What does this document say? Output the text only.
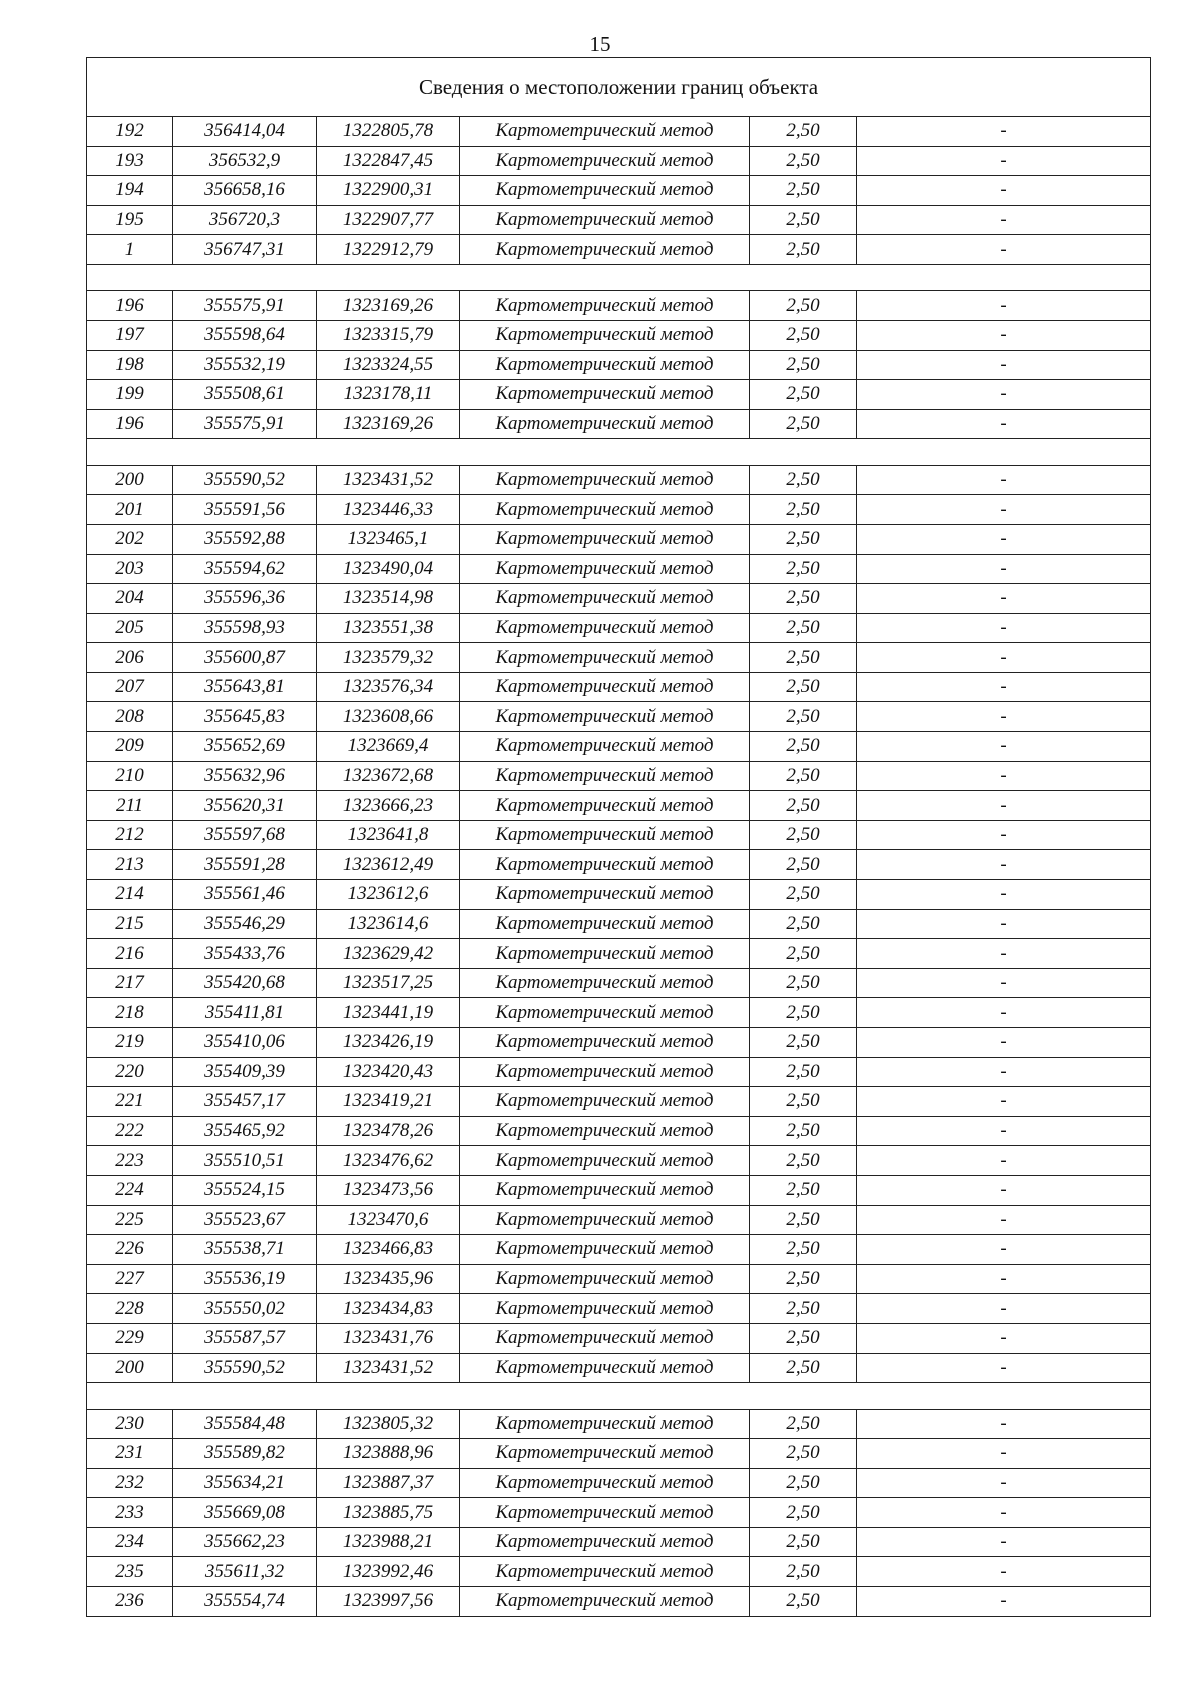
15
Сведения о местоположении границ объекта					
192	356414,04	1322805,78	Картометрический метод	2,50	-
193	356532,9	1322847,45	Картометрический метод	2,50	-
194	356658,16	1322900,31	Картометрический метод	2,50	-
195	356720,3	1322907,77	Картометрический метод	2,50	-
1	356747,31	1322912,79	Картометрический метод	2,50	-

196	355575,91	1323169,26	Картометрический метод	2,50	-
197	355598,64	1323315,79	Картометрический метод	2,50	-
198	355532,19	1323324,55	Картометрический метод	2,50	-
199	355508,61	1323178,11	Картометрический метод	2,50	-
196	355575,91	1323169,26	Картометрический метод	2,50	-

200	355590,52	1323431,52	Картометрический метод	2,50	-
201	355591,56	1323446,33	Картометрический метод	2,50	-
202	355592,88	1323465,1	Картометрический метод	2,50	-
203	355594,62	1323490,04	Картометрический метод	2,50	-
204	355596,36	1323514,98	Картометрический метод	2,50	-
205	355598,93	1323551,38	Картометрический метод	2,50	-
206	355600,87	1323579,32	Картометрический метод	2,50	-
207	355643,81	1323576,34	Картометрический метод	2,50	-
208	355645,83	1323608,66	Картометрический метод	2,50	-
209	355652,69	1323669,4	Картометрический метод	2,50	-
210	355632,96	1323672,68	Картометрический метод	2,50	-
211	355620,31	1323666,23	Картометрический метод	2,50	-
212	355597,68	1323641,8	Картометрический метод	2,50	-
213	355591,28	1323612,49	Картометрический метод	2,50	-
214	355561,46	1323612,6	Картометрический метод	2,50	-
215	355546,29	1323614,6	Картометрический метод	2,50	-
216	355433,76	1323629,42	Картометрический метод	2,50	-
217	355420,68	1323517,25	Картометрический метод	2,50	-
218	355411,81	1323441,19	Картометрический метод	2,50	-
219	355410,06	1323426,19	Картометрический метод	2,50	-
220	355409,39	1323420,43	Картометрический метод	2,50	-
221	355457,17	1323419,21	Картометрический метод	2,50	-
222	355465,92	1323478,26	Картометрический метод	2,50	-
223	355510,51	1323476,62	Картометрический метод	2,50	-
224	355524,15	1323473,56	Картометрический метод	2,50	-
225	355523,67	1323470,6	Картометрический метод	2,50	-
226	355538,71	1323466,83	Картометрический метод	2,50	-
227	355536,19	1323435,96	Картометрический метод	2,50	-
228	355550,02	1323434,83	Картометрический метод	2,50	-
229	355587,57	1323431,76	Картометрический метод	2,50	-
200	355590,52	1323431,52	Картометрический метод	2,50	-

230	355584,48	1323805,32	Картометрический метод	2,50	-
231	355589,82	1323888,96	Картометрический метод	2,50	-
232	355634,21	1323887,37	Картометрический метод	2,50	-
233	355669,08	1323885,75	Картометрический метод	2,50	-
234	355662,23	1323988,21	Картометрический метод	2,50	-
235	355611,32	1323992,46	Картометрический метод	2,50	-
236	355554,74	1323997,56	Картометрический метод	2,50	-
